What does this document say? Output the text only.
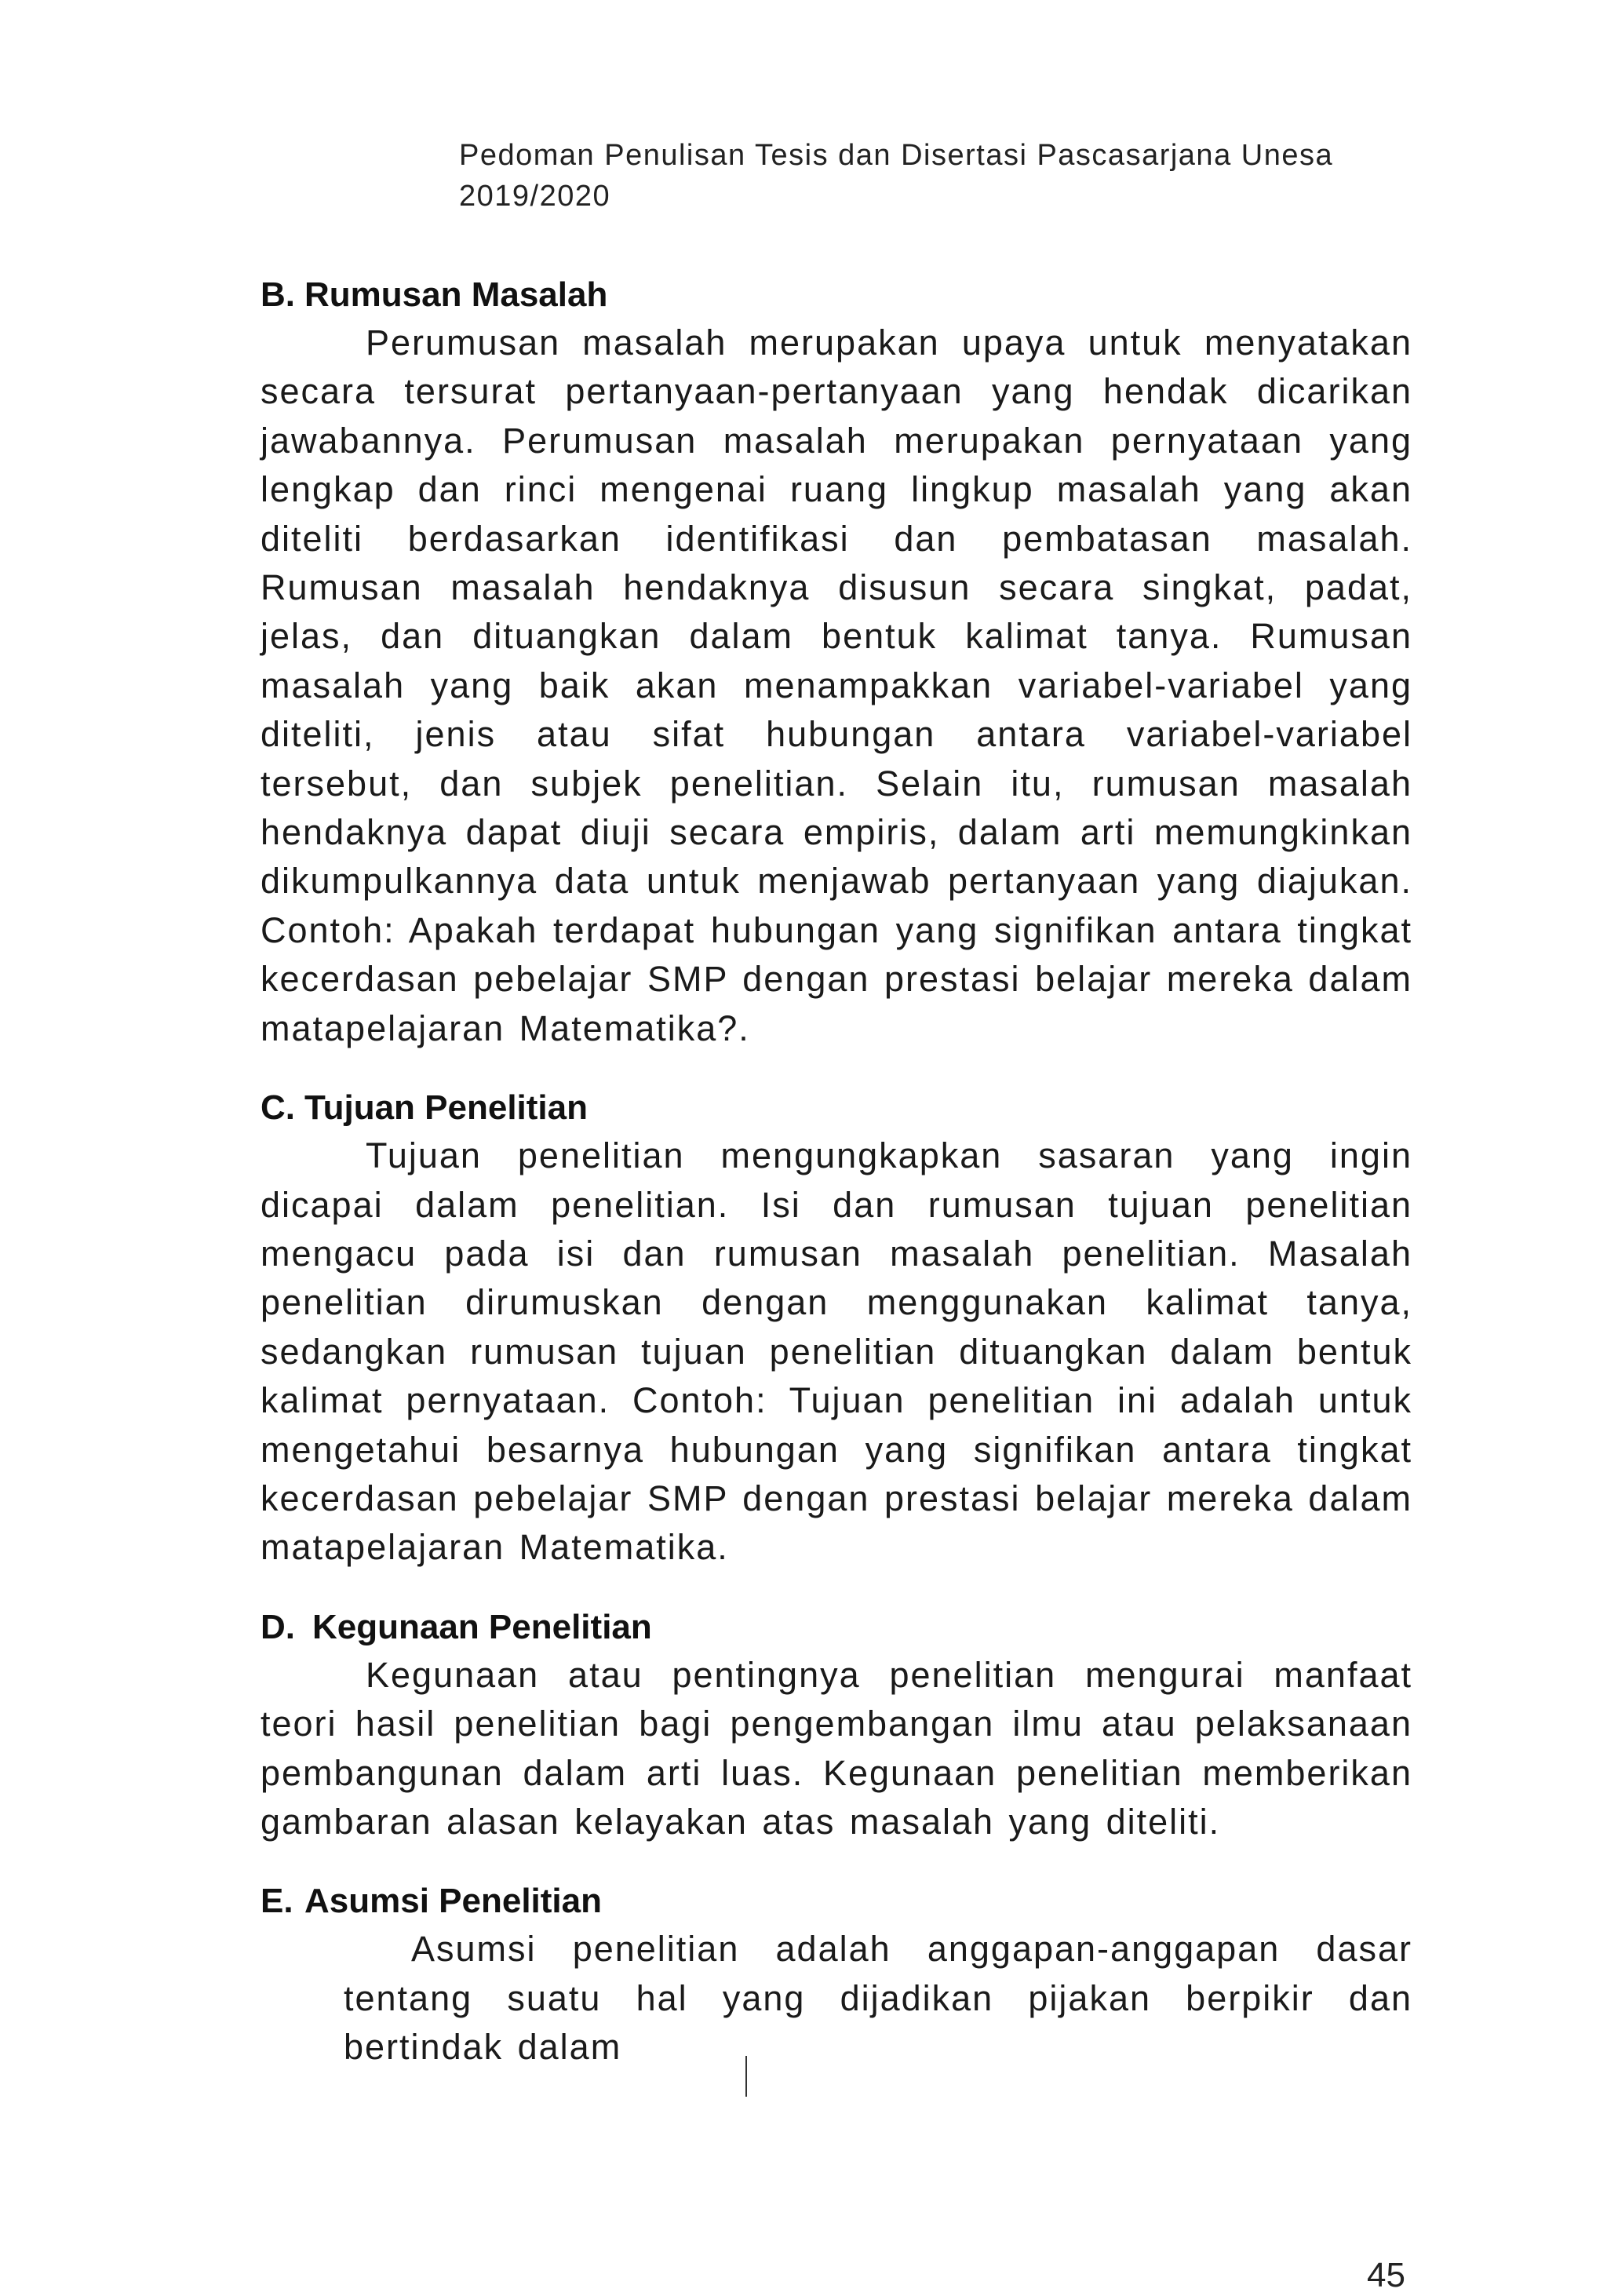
Pedoman Penulisan Tesis dan Disertasi Pascasarjana Unesa
2019/2020
B. Rumusan Masalah

Perumusan masalah merupakan upaya untuk menyatakan secara tersurat pertanyaan-pertanyaan yang hendak dicarikan jawabannya. Perumusan masalah merupakan pernyataan yang lengkap dan rinci mengenai ruang lingkup masalah yang akan diteliti berdasarkan identifikasi dan pembatasan masalah. Rumusan masalah hendaknya disusun secara singkat, padat, jelas, dan dituangkan dalam bentuk kalimat tanya. Rumusan masalah yang baik akan menampakkan variabel-variabel yang diteliti, jenis atau sifat hubungan antara variabel-variabel tersebut, dan subjek penelitian. Selain itu, rumusan masalah hendaknya dapat diuji secara empiris, dalam arti memungkinkan dikumpulkannya data untuk menjawab pertanyaan yang diajukan. Contoh: Apakah terdapat hubungan yang signifikan antara tingkat kecerdasan pebelajar SMP dengan prestasi belajar mereka dalam matapelajaran Matematika?.

C. Tujuan Penelitian

Tujuan penelitian mengungkapkan sasaran yang ingin dicapai dalam penelitian. Isi dan rumusan tujuan penelitian mengacu pada isi dan rumusan masalah penelitian. Masalah penelitian dirumuskan dengan menggunakan kalimat tanya, sedangkan rumusan tujuan penelitian dituangkan dalam bentuk kalimat pernyataan. Contoh: Tujuan penelitian ini adalah untuk mengetahui besarnya hubungan yang signifikan antara tingkat kecerdasan pebelajar SMP dengan prestasi belajar mereka dalam matapelajaran Matematika.

D. Kegunaan Penelitian

Kegunaan atau pentingnya penelitian mengurai manfaat teori hasil penelitian bagi pengembangan ilmu atau pelaksanaan pembangunan dalam arti luas. Kegunaan penelitian memberikan gambaran alasan kelayakan atas masalah yang diteliti.

E. Asumsi Penelitian

Asumsi penelitian adalah anggapan-anggapan dasar tentang suatu hal yang dijadikan pijakan berpikir dan bertindak dalam

45
